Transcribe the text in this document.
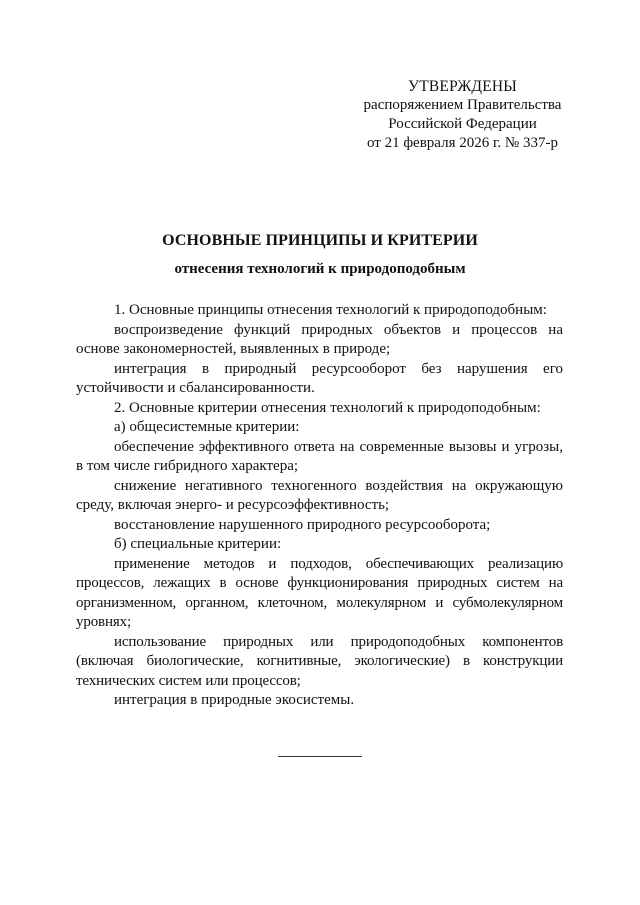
УТВЕРЖДЕНЫ
распоряжением Правительства
Российской Федерации
от 21 февраля 2026 г. № 337-р
ОСНОВНЫЕ ПРИНЦИПЫ И КРИТЕРИИ
отнесения технологий к природоподобным

1. Основные принципы отнесения технологий к природоподобным:

воспроизведение функций природных объектов и процессов на основе закономерностей, выявленных в природе;

интеграция в природный ресурсооборот без нарушения его устойчивости и сбалансированности.

2. Основные критерии отнесения технологий к природоподобным:

а) общесистемные критерии:

обеспечение эффективного ответа на современные вызовы и угрозы, в том числе гибридного характера;

снижение негативного техногенного воздействия на окружающую среду, включая энерго- и ресурсоэффективность;

восстановление нарушенного природного ресурсооборота;

б) специальные критерии:

применение методов и подходов, обеспечивающих реализацию процессов, лежащих в основе функционирования природных систем на организменном, органном, клеточном, молекулярном и субмолекулярном уровнях;

использование природных или природоподобных компонентов (включая биологические, когнитивные, экологические) в конструкции технических систем или процессов;

интеграция в природные экосистемы.
